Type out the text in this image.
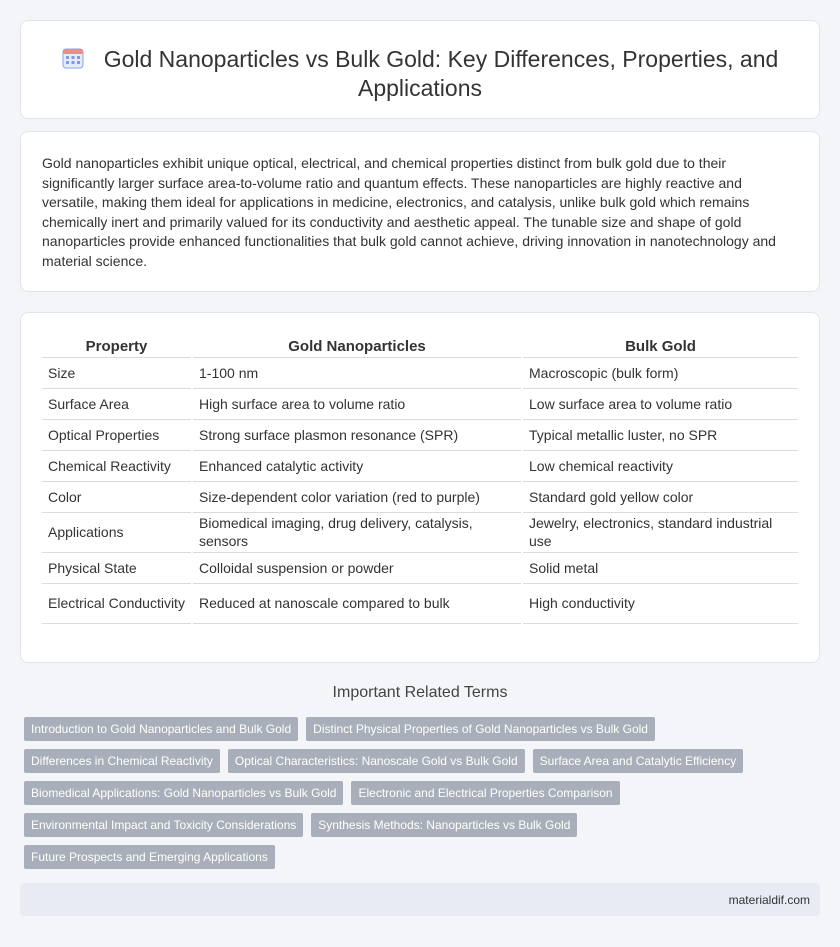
Gold Nanoparticles vs Bulk Gold: Key Differences, Properties, and Applications

Gold nanoparticles exhibit unique optical, electrical, and chemical properties distinct from bulk gold due to their significantly larger surface area-to-volume ratio and quantum effects. These nanoparticles are highly reactive and versatile, making them ideal for applications in medicine, electronics, and catalysis, unlike bulk gold which remains chemically inert and primarily valued for its conductivity and aesthetic appeal. The tunable size and shape of gold nanoparticles provide enhanced functionalities that bulk gold cannot achieve, driving innovation in nanotechnology and material science.

Property	Gold Nanoparticles	Bulk Gold
Size	1-100 nm	Macroscopic (bulk form)
Surface Area	High surface area to volume ratio	Low surface area to volume ratio
Optical Properties	Strong surface plasmon resonance (SPR)	Typical metallic luster, no SPR
Chemical Reactivity	Enhanced catalytic activity	Low chemical reactivity
Color	Size-dependent color variation (red to purple)	Standard gold yellow color
Applications	Biomedical imaging, drug delivery, catalysis, sensors	Jewelry, electronics, standard industrial use
Physical State	Colloidal suspension or powder	Solid metal
Electrical Conductivity	Reduced at nanoscale compared to bulk	High conductivity
Important Related Terms
Introduction to Gold Nanoparticles and Bulk Gold	Distinct Physical Properties of Gold Nanoparticles vs Bulk Gold
Differences in Chemical Reactivity	Optical Characteristics: Nanoscale Gold vs Bulk Gold	Surface Area and Catalytic Efficiency
Biomedical Applications: Gold Nanoparticles vs Bulk Gold	Electronic and Electrical Properties Comparison
Environmental Impact and Toxicity Considerations	Synthesis Methods: Nanoparticles vs Bulk Gold
Future Prospects and Emerging Applications
materialdif.com
